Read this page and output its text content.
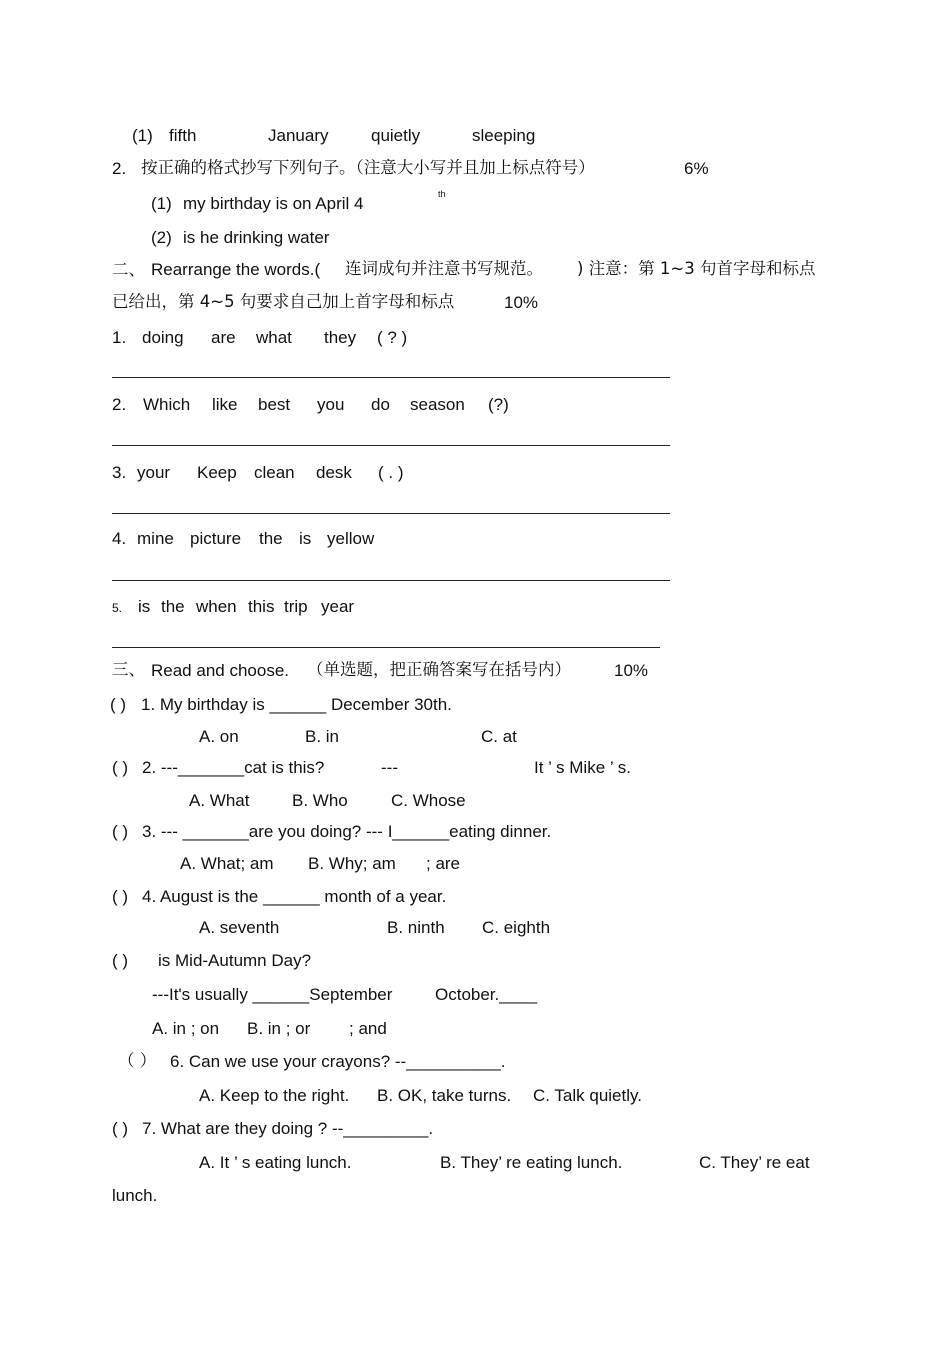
(1) fifth	January	quietly	sleeping
2. 按正确的格式抄写下列句子。（注意大小写并且加上标点符号）	6%
(1) my birthday is on April 4	th
(2) is he drinking water
二、 Rearrange the words.( 连词成句并注意书写规范。 ) 注意：第 1~3 句首字母和标点
已给出，第 4~5 句要求自己加上首字母和标点	10%
1. doing are what they ( ? )
2. Which like best you do season (?)
3. your Keep clean desk ( . )
4. mine picture the is yellow
5. is the when this trip year
三、 Read and choose. （单选题，把正确答案写在括号内）	10%
( ) 1. My birthday is ______ December 30th.
A. on	B. in	C. at
( ) 2. ---_______cat is this?	---	It ’ s Mike ’ s.
A. What	B. Who	C. Whose
( ) 3. --- _______are you doing? --- I______eating dinner.
A. What; am B. Why; am ; are
( ) 4. August is the ______ month of a year.
A. seventh	B. ninth C. eighth
( ) is Mid-Autumn Day?
---It's usually ______September	October.____
A. in ; on B. in ; or ; and
（ ） 6. Can we use your crayons? --__________.
A. Keep to the right. B. OK, take turns. C. Talk quietly.
( ) 7. What are they doing ? --_________.
A. It ’ s eating lunch.	B. They’ re eating lunch.	C. They’ re eat
lunch.
